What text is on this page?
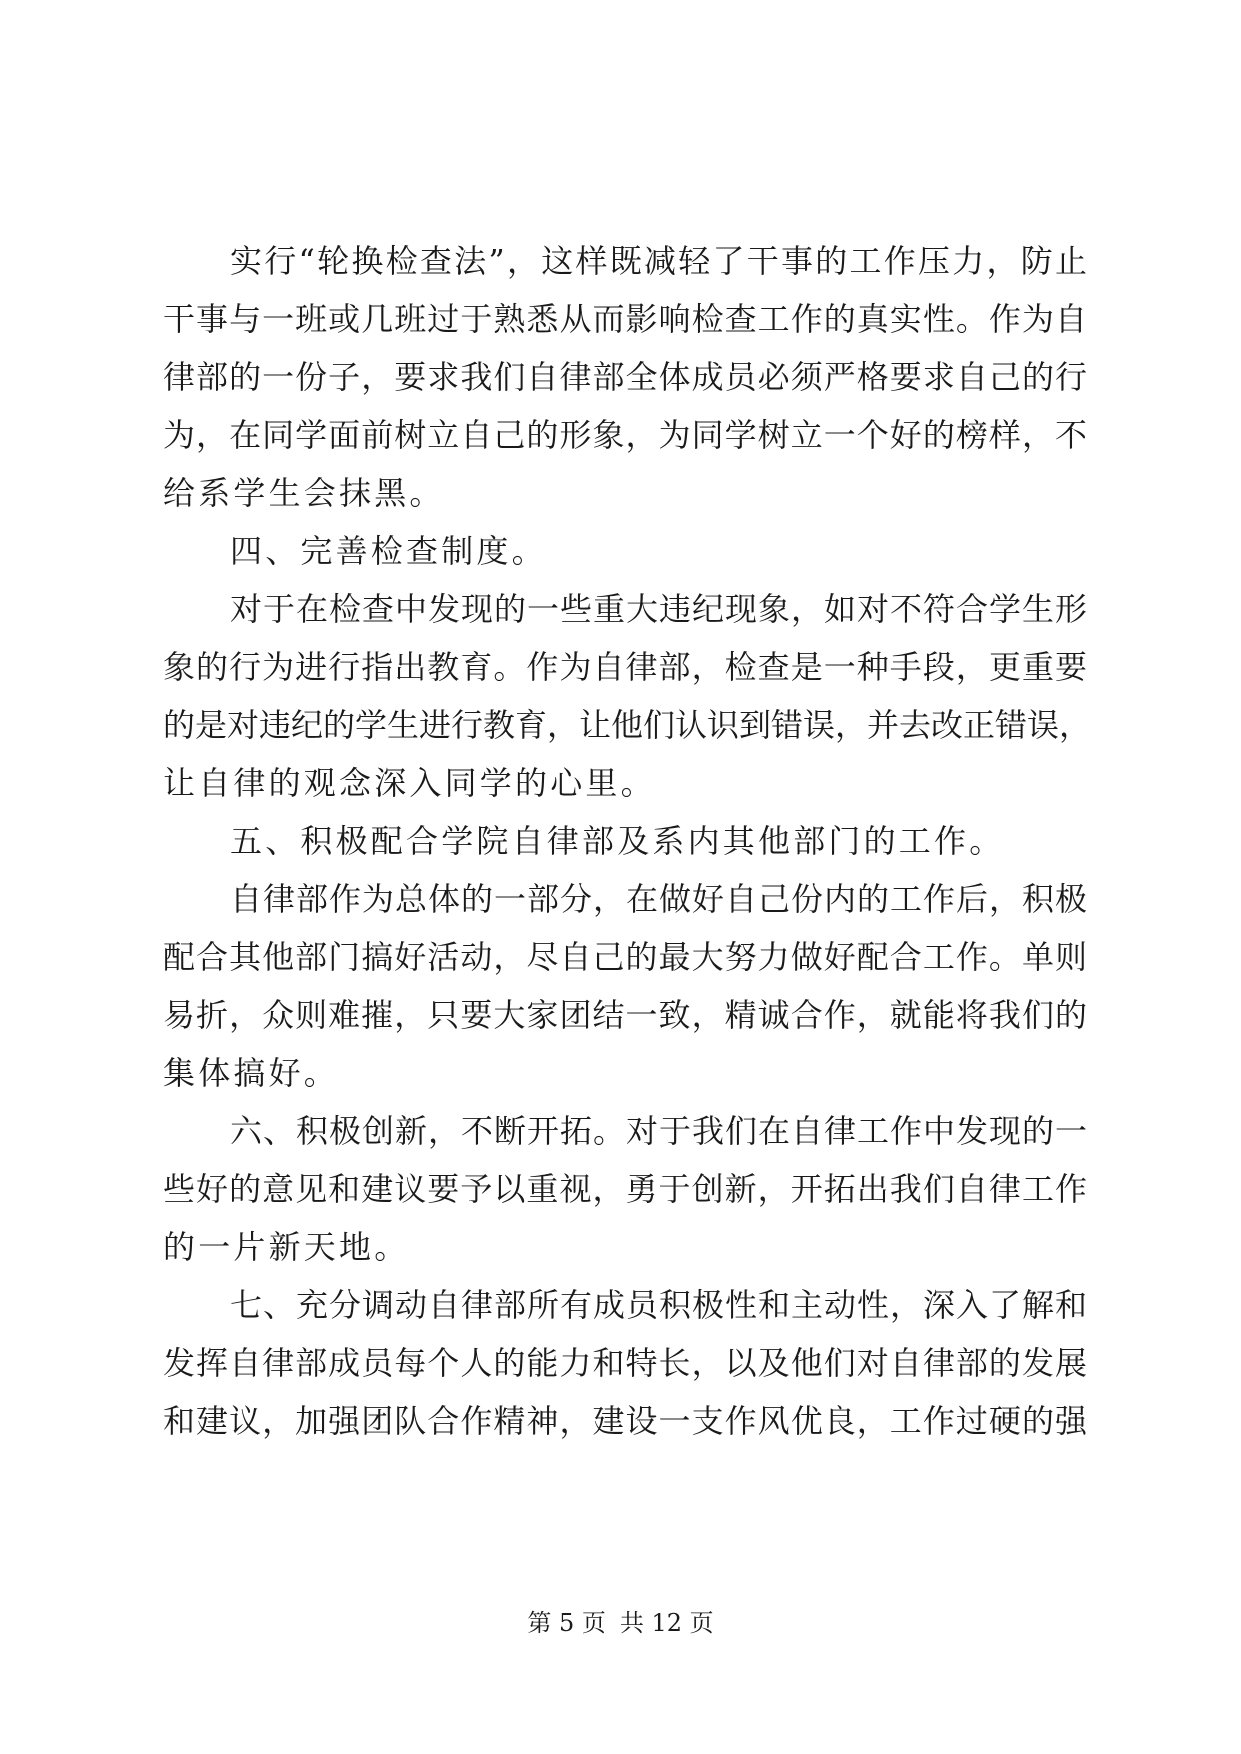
实行“轮换检查法”，这样既减轻了干事的工作压力，防止
干事与一班或几班过于熟悉从而影响检查工作的真实性。作为自
律部的一份子，要求我们自律部全体成员必须严格要求自己的行
为，在同学面前树立自己的形象，为同学树立一个好的榜样，不
给系学生会抹黑。
四、完善检查制度。
对于在检查中发现的一些重大违纪现象，如对不符合学生形
象的行为进行指出教育。作为自律部，检查是一种手段，更重要
的是对违纪的学生进行教育，让他们认识到错误，并去改正错误，
让自律的观念深入同学的心里。
五、积极配合学院自律部及系内其他部门的工作。
自律部作为总体的一部分，在做好自己份内的工作后，积极
配合其他部门搞好活动，尽自己的最大努力做好配合工作。单则
易折，众则难摧，只要大家团结一致，精诚合作，就能将我们的
集体搞好。
六、积极创新，不断开拓。对于我们在自律工作中发现的一
些好的意见和建议要予以重视，勇于创新，开拓出我们自律工作
的一片新天地。
七、充分调动自律部所有成员积极性和主动性，深入了解和
发挥自律部成员每个人的能力和特长，以及他们对自律部的发展
和建议，加强团队合作精神，建设一支作风优良，工作过硬的强
第 5 页 共 12 页
